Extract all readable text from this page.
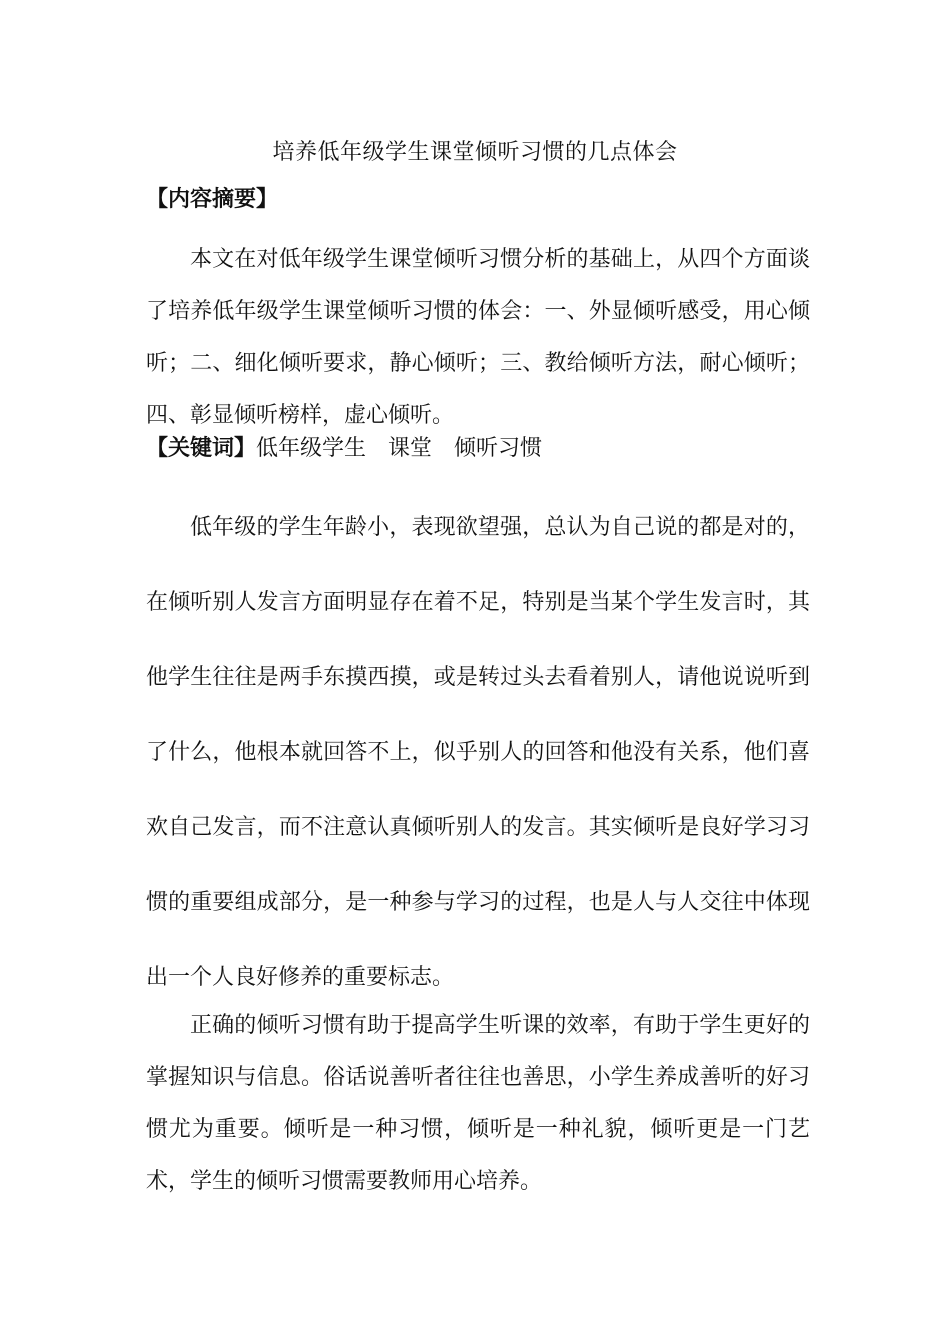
培养低年级学生课堂倾听习惯的几点体会
【内容摘要】

本文在对低年级学生课堂倾听习惯分析的基础上，从四个方面谈了培养低年级学生课堂倾听习惯的体会：一、外显倾听感受，用心倾听；二、细化倾听要求，静心倾听；三、教给倾听方法，耐心倾听；四、彰显倾听榜样，虚心倾听。

【关键词】低年级学生 课堂 倾听习惯

低年级的学生年龄小，表现欲望强，总认为自己说的都是对的，在倾听别人发言方面明显存在着不足，特别是当某个学生发言时，其他学生往往是两手东摸西摸，或是转过头去看着别人，请他说说听到了什么，他根本就回答不上，似乎别人的回答和他没有关系，他们喜欢自己发言，而不注意认真倾听别人的发言。其实倾听是良好学习习惯的重要组成部分，是一种参与学习的过程，也是人与人交往中体现出一个人良好修养的重要标志。

正确的倾听习惯有助于提高学生听课的效率，有助于学生更好的掌握知识与信息。俗话说善听者往往也善思，小学生养成善听的好习惯尤为重要。倾听是一种习惯，倾听是一种礼貌，倾听更是一门艺术，学生的倾听习惯需要教师用心培养。
